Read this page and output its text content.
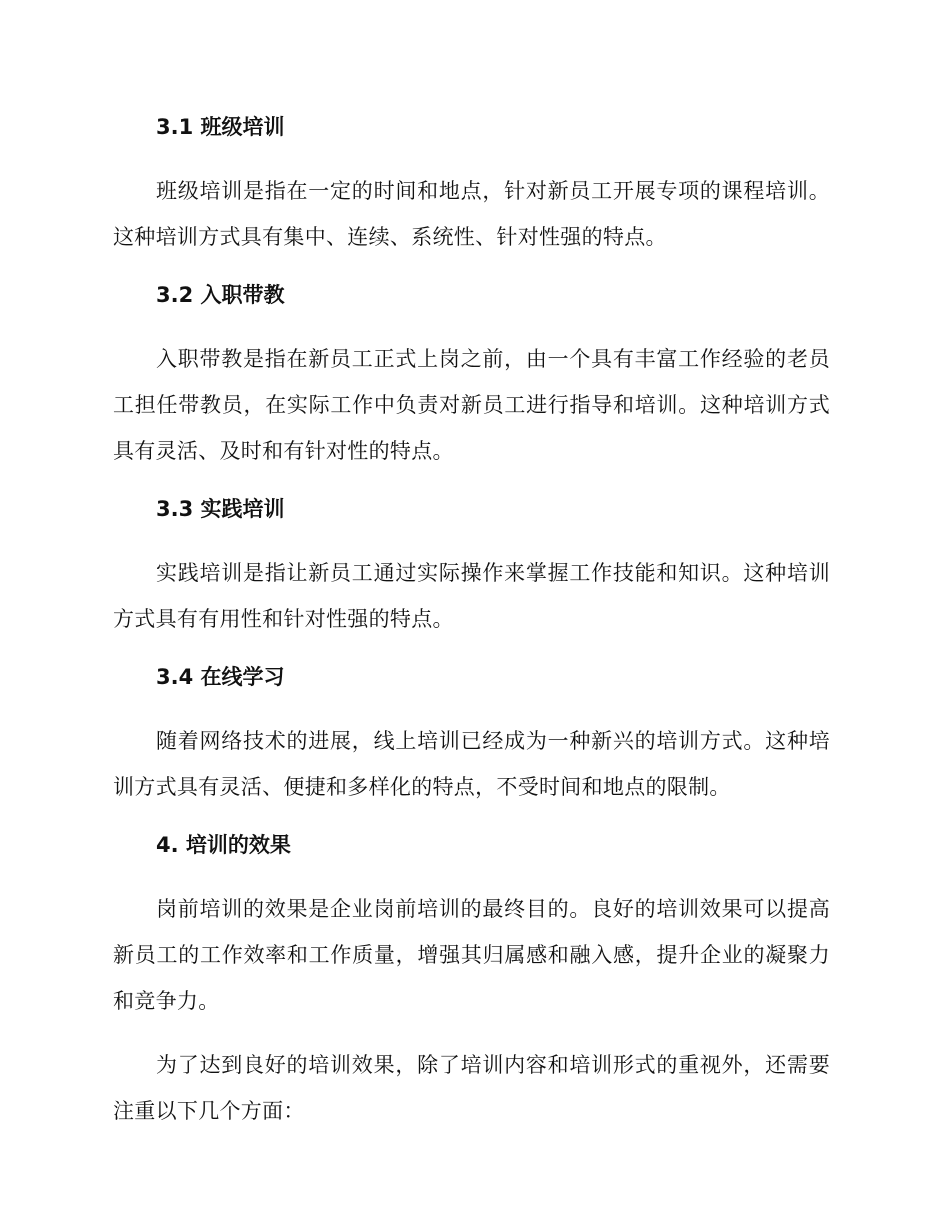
3.1 班级培训

班级培训是指在一定的时间和地点，针对新员工开展专项的课程培训。这种培训方式具有集中、连续、系统性、针对性强的特点。

3.2 入职带教

入职带教是指在新员工正式上岗之前，由一个具有丰富工作经验的老员工担任带教员，在实际工作中负责对新员工进行指导和培训。这种培训方式具有灵活、及时和有针对性的特点。

3.3 实践培训

实践培训是指让新员工通过实际操作来掌握工作技能和知识。这种培训方式具有有用性和针对性强的特点。

3.4 在线学习

随着网络技术的进展，线上培训已经成为一种新兴的培训方式。这种培训方式具有灵活、便捷和多样化的特点，不受时间和地点的限制。

4. 培训的效果

岗前培训的效果是企业岗前培训的最终目的。良好的培训效果可以提高新员工的工作效率和工作质量，增强其归属感和融入感，提升企业的凝聚力和竞争力。

为了达到良好的培训效果，除了培训内容和培训形式的重视外，还需要注重以下几个方面：
